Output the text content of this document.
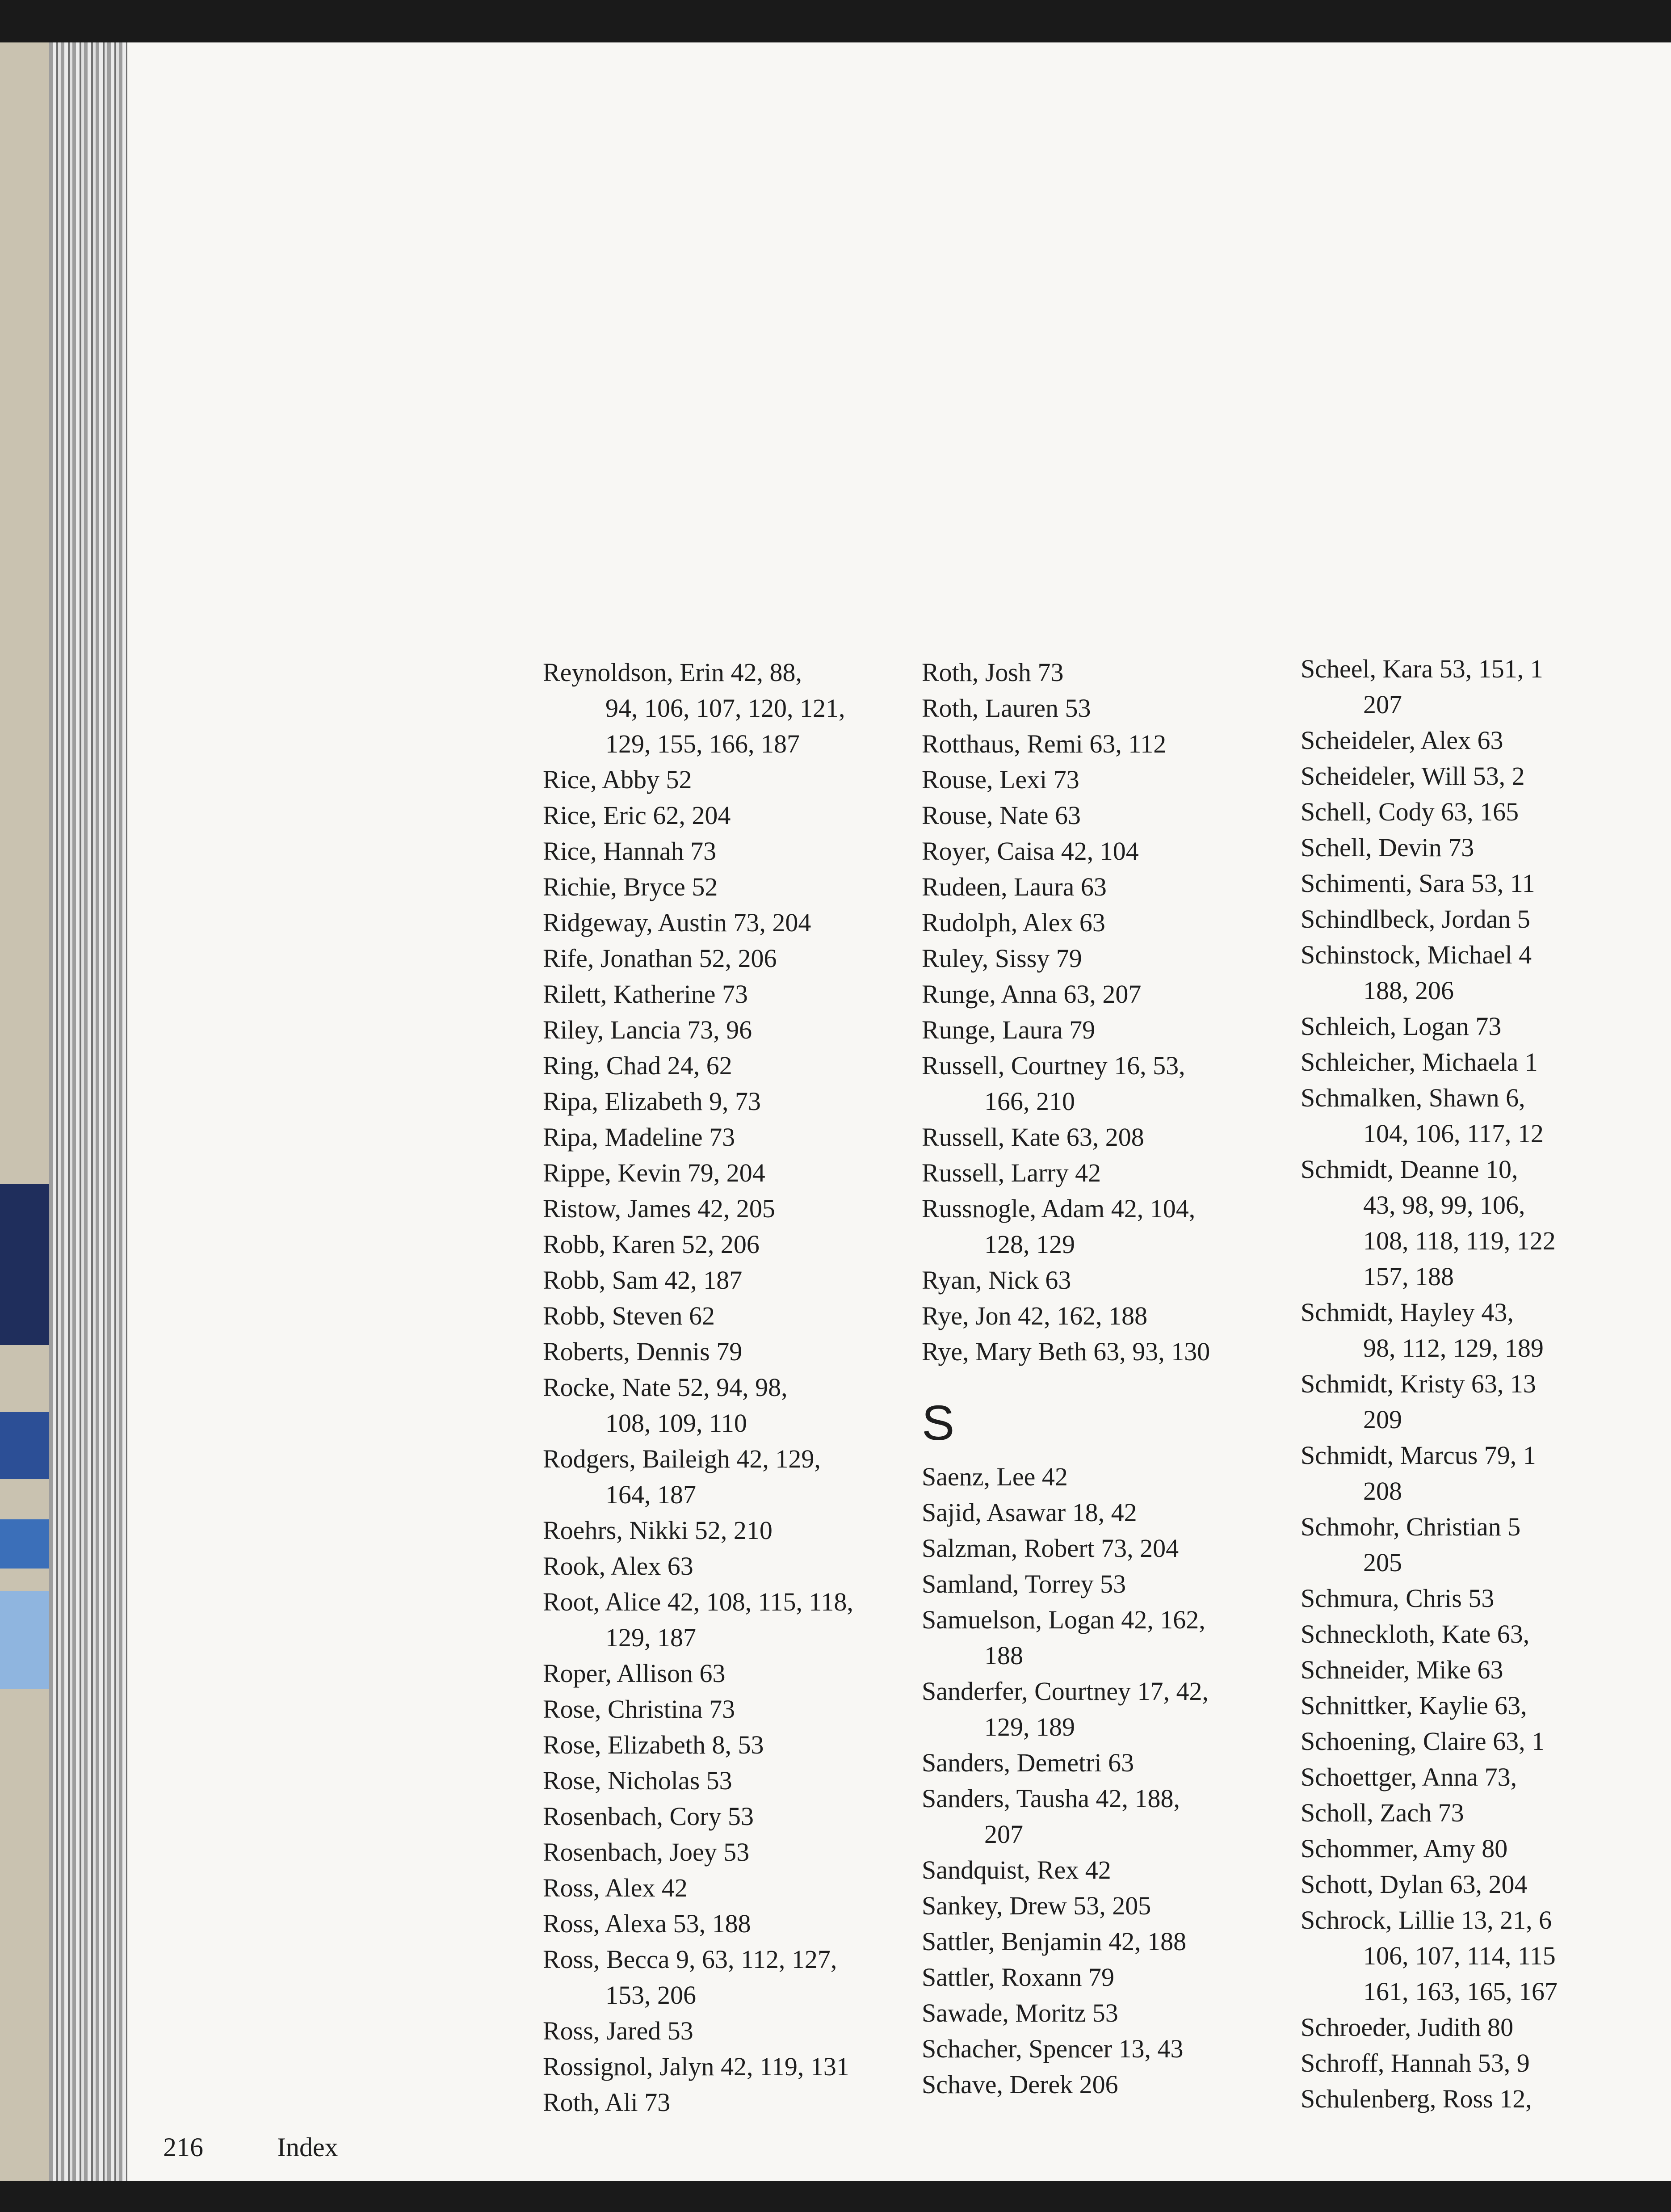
Reynoldson, Erin 42, 88,
94, 106, 107, 120, 121,
129, 155, 166, 187
Rice, Abby 52
Rice, Eric 62, 204
Rice, Hannah 73
Richie, Bryce 52
Ridgeway, Austin 73, 204
Rife, Jonathan 52, 206
Rilett, Katherine 73
Riley, Lancia 73, 96
Ring, Chad 24, 62
Ripa, Elizabeth 9, 73
Ripa, Madeline 73
Rippe, Kevin 79, 204
Ristow, James 42, 205
Robb, Karen 52, 206
Robb, Sam 42, 187
Robb, Steven 62
Roberts, Dennis 79
Rocke, Nate 52, 94, 98,
108, 109, 110
Rodgers, Baileigh 42, 129,
164, 187
Roehrs, Nikki 52, 210
Rook, Alex 63
Root, Alice 42, 108, 115, 118,
129, 187
Roper, Allison 63
Rose, Christina 73
Rose, Elizabeth 8, 53
Rose, Nicholas 53
Rosenbach, Cory 53
Rosenbach, Joey 53
Ross, Alex 42
Ross, Alexa 53, 188
Ross, Becca 9, 63, 112, 127,
153, 206
Ross, Jared 53
Rossignol, Jalyn 42, 119, 131
Roth, Ali 73
Roth, Josh 73
Roth, Lauren 53
Rotthaus, Remi 63, 112
Rouse, Lexi 73
Rouse, Nate 63
Royer, Caisa 42, 104
Rudeen, Laura 63
Rudolph, Alex 63
Ruley, Sissy 79
Runge, Anna 63, 207
Runge, Laura 79
Russell, Courtney 16, 53,
166, 210
Russell, Kate 63, 208
Russell, Larry 42
Russnogle, Adam 42, 104,
128, 129
Ryan, Nick 63
Rye, Jon 42, 162, 188
Rye, Mary Beth 63, 93, 130
S
Saenz, Lee 42
Sajid, Asawar 18, 42
Salzman, Robert 73, 204
Samland, Torrey 53
Samuelson, Logan 42, 162,
188
Sanderfer, Courtney 17, 42,
129, 189
Sanders, Demetri 63
Sanders, Tausha 42, 188,
207
Sandquist, Rex 42
Sankey, Drew 53, 205
Sattler, Benjamin 42, 188
Sattler, Roxann 79
Sawade, Moritz 53
Schacher, Spencer 13, 43
Schave, Derek 206
Scheel, Kara 53, 151, 1
207
Scheideler, Alex 63
Scheideler, Will 53, 2
Schell, Cody 63, 165
Schell, Devin 73
Schimenti, Sara 53, 11
Schindlbeck, Jordan 5
Schinstock, Michael 4
188, 206
Schleich, Logan 73
Schleicher, Michaela 1
Schmalken, Shawn 6,
104, 106, 117, 12
Schmidt, Deanne 10,
43, 98, 99, 106,
108, 118, 119, 122
157, 188
Schmidt, Hayley 43,
98, 112, 129, 189
Schmidt, Kristy 63, 13
209
Schmidt, Marcus 79, 1
208
Schmohr, Christian 5
205
Schmura, Chris 53
Schneckloth, Kate 63,
Schneider, Mike 63
Schnittker, Kaylie 63,
Schoening, Claire 63, 1
Schoettger, Anna 73,
Scholl, Zach 73
Schommer, Amy 80
Schott, Dylan 63, 204
Schrock, Lillie 13, 21, 6
106, 107, 114, 115
161, 163, 165, 167
Schroeder, Judith 80
Schroff, Hannah 53, 9
Schulenberg, Ross 12,
216	Index
